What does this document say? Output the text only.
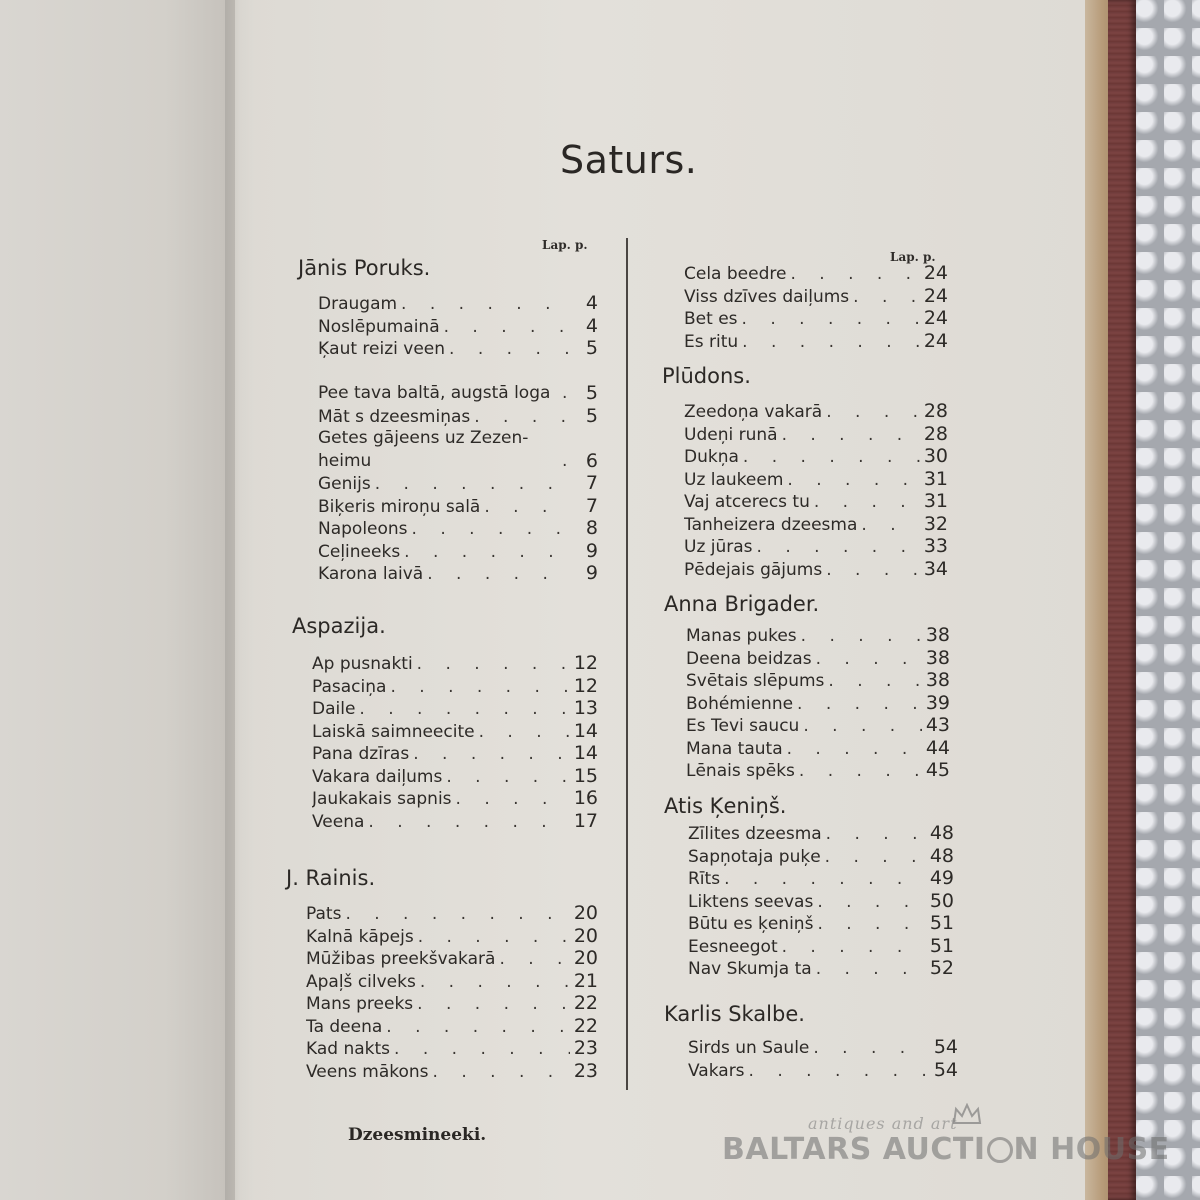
Saturs.
Lap. p.
Lap. p.
Jānis Poruks.
Draugam . . .	4
Noslēpumainā . . .	4
Ķaut reizi veen . . .	5
Pee tava baltā, augstā loga . . .	5
Māt s dzeesmiņas . . .	5
Getes gājeens uz Zezen-heimu . . .	6
Genijs . . .	7
Biķeris miroņu salā . . .	7
Napoleons . . .	8
Ceļineeks . . .	9
Karona laivā . . .	9
Aspazija.
Ap pusnakti . . .	12
Pasaciņa . . .	12
Daile . . .	13
Laiskā saimneecite . . .	14
Pana dzīras . . .	14
Vakara daiļums . . .	15
Jaukakais sapnis . . .	16
Veena . . .	17
J. Rainis.
Pats . . .	20
Kalnā kāpejs . . .	20
Mūžibas preekšvakarā . . .	20
Apaļš cilveks . . .	21
Mans preeks . . .	22
Ta deena . . .	22
Kad nakts . . .	23
Veens mākons . . .	23
Cela beedre . . .	24
Viss dzīves daiļums . . .	24
Bet es . . .	24
Es ritu . . .	24
Plūdons.
Zeedoņa vakarā . . .	28
Udeņi runā . . .	28
Dukņa . . .	30
Uz laukeem . . .	31
Vaj atcerecs tu . . .	31
Tanheizera dzeesma . . .	32
Uz jūras . . .	33
Pēdejais gājums . . .	34
Anna Brigader.
Manas pukes . . .	38
Deena beidzas . . .	38
Svētais slēpums . . .	38
Bohémienne . . .	39
Es Tevi saucu . . .	43
Mana tauta . . .	44
Lēnais spēks . . .	45
Atis Ķeniņš.
Zīlites dzeesma . . .	48
Sapņotaja puķe . . .	48
Rīts . . .	49
Liktens seevas . . .	50
Būtu es ķeniņš . . .	51
Eesneegot . . .	51
Nav Skumja ta . . .	52
Karlis Skalbe.
Sirds un Saule . . .	54
Vakars . . .	54
Dzeesmineeki.
antiques and art
BALTARS AUCTI N HOUSE
